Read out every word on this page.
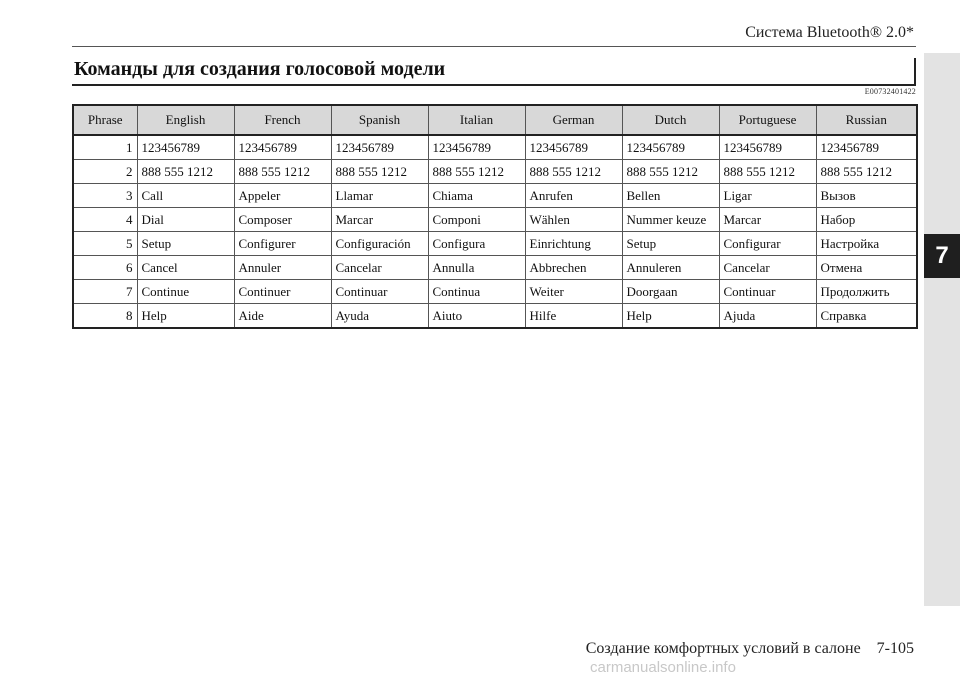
Система Bluetooth® 2.0*
Команды для создания голосовой модели
E00732401422
Phrase	English	French	Spanish	Italian	German	Dutch	Portuguese	Russian
1	123456789	123456789	123456789	123456789	123456789	123456789	123456789	123456789
2	888 555 1212	888 555 1212	888 555 1212	888 555 1212	888 555 1212	888 555 1212	888 555 1212	888 555 1212
3	Call	Appeler	Llamar	Chiama	Anrufen	Bellen	Ligar	Вызов
4	Dial	Composer	Marcar	Componi	Wählen	Nummer keuze	Marcar	Набор
5	Setup	Configurer	Configuración	Configura	Einrichtung	Setup	Configurar	Настройка
6	Cancel	Annuler	Cancelar	Annulla	Abbrechen	Annuleren	Cancelar	Отмена
7	Continue	Continuer	Continuar	Continua	Weiter	Doorgaan	Continuar	Продолжить
8	Help	Aide	Ayuda	Aiuto	Hilfe	Help	Ajuda	Справка
7
Создание комфортных условий в салоне 7-105
carmanualsonline.info
